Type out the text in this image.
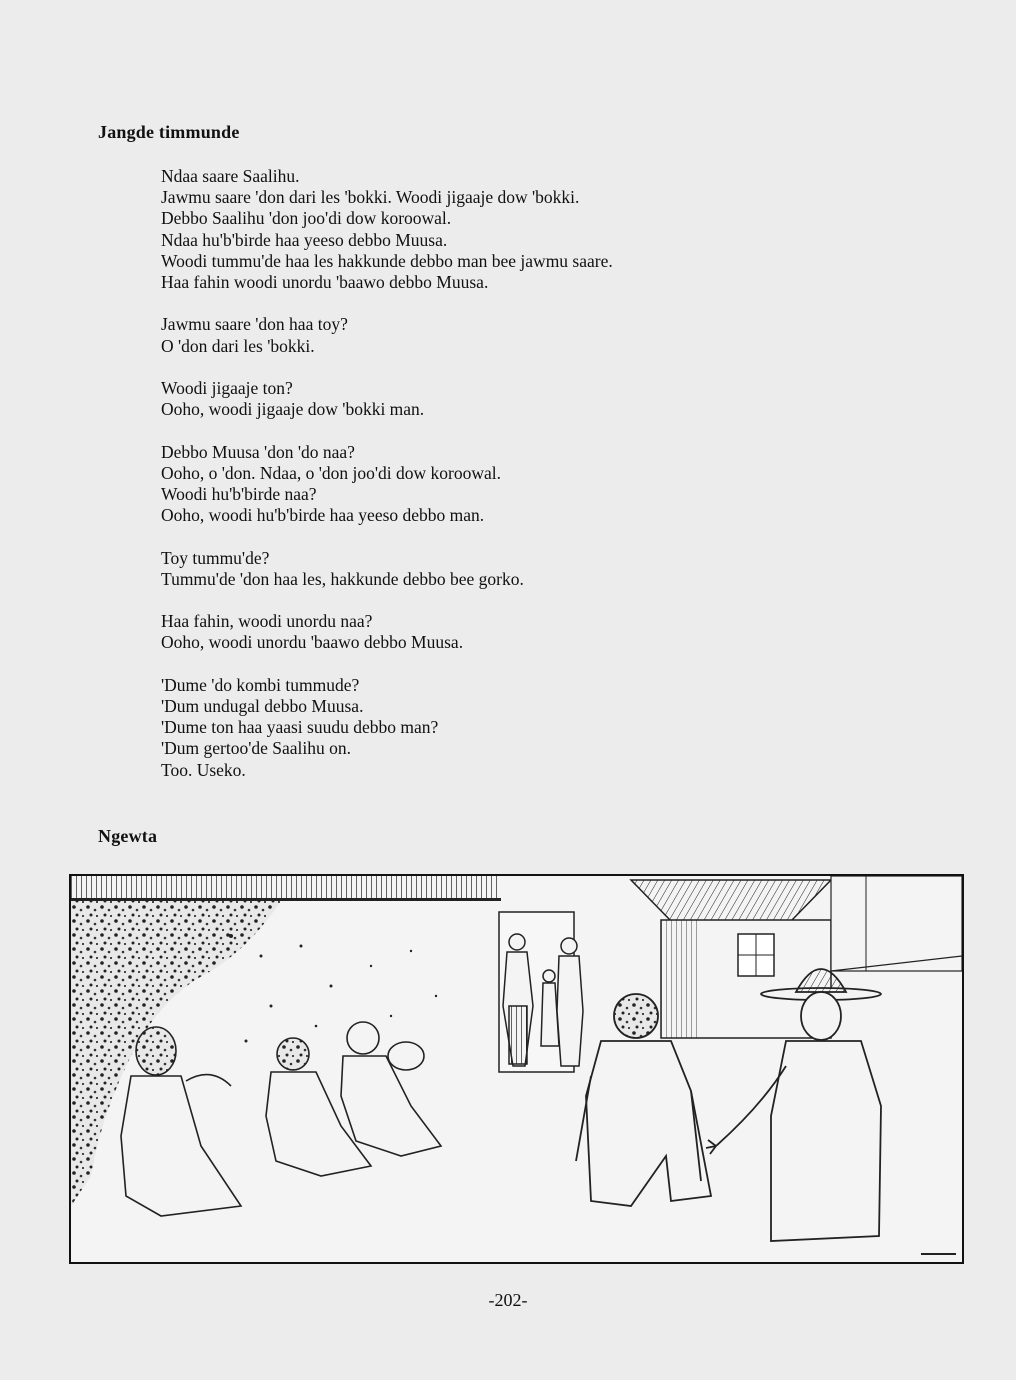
Jangde timmunde
Ndaa saare Saalihu.
Jawmu saare 'don dari les 'bokki. Woodi jigaaje dow 'bokki.
Debbo Saalihu 'don joo'di dow koroowal.
Ndaa hu'b'birde haa yeeso debbo Muusa.
Woodi tummu'de haa les hakkunde debbo man bee jawmu saare.
Haa fahin woodi unordu 'baawo debbo Muusa.
Jawmu saare 'don haa toy?
O 'don dari les 'bokki.
Woodi jigaaje ton?
Ooho, woodi jigaaje dow 'bokki man.
Debbo Muusa 'don 'do naa?
Ooho, o 'don. Ndaa, o 'don joo'di dow koroowal.
Woodi hu'b'birde naa?
Ooho, woodi hu'b'birde haa yeeso debbo man.
Toy tummu'de?
Tummu'de 'don haa les, hakkunde debbo bee gorko.
Haa fahin, woodi unordu naa?
Ooho, woodi unordu 'baawo debbo Muusa.
'Dume 'do kombi tummude?
'Dum undugal debbo Muusa.
'Dume ton haa yaasi suudu debbo man?
'Dum gertoo'de Saalihu on.
Too. Useko.
Ngewta
-202-
